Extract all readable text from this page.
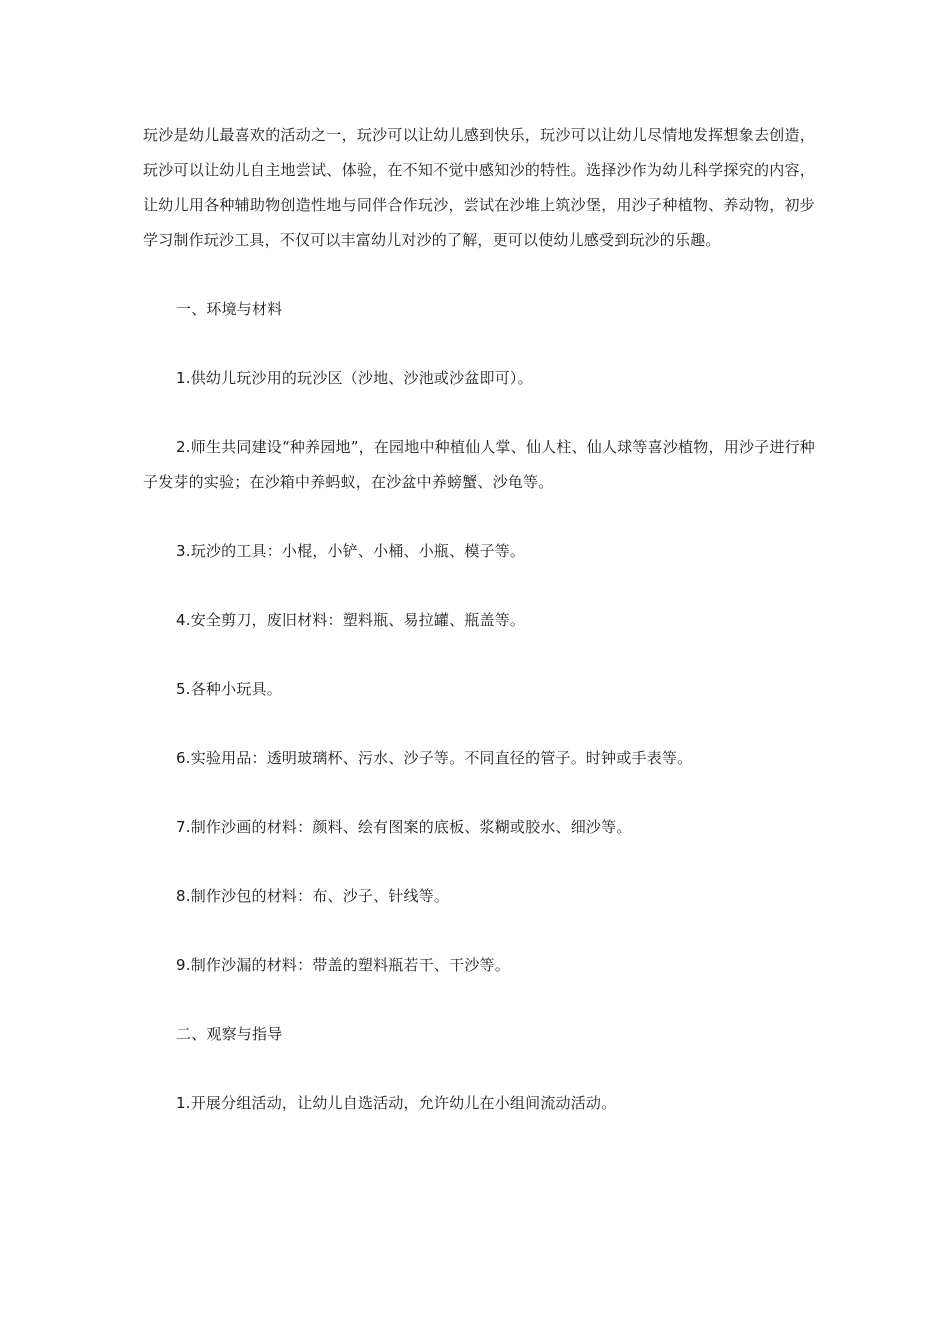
玩沙是幼儿最喜欢的活动之一，玩沙可以让幼儿感到快乐，玩沙可以让幼儿尽情地发挥想象去创造，玩沙可以让幼儿自主地尝试、体验，在不知不觉中感知沙的特性。选择沙作为幼儿科学探究的内容，让幼儿用各种辅助物创造性地与同伴合作玩沙，尝试在沙堆上筑沙堡，用沙子种植物、养动物，初步学习制作玩沙工具，不仅可以丰富幼儿对沙的了解，更可以使幼儿感受到玩沙的乐趣。

一、环境与材料

1.供幼儿玩沙用的玩沙区（沙地、沙池或沙盆即可）。

2.师生共同建设“种养园地”，在园地中种植仙人掌、仙人柱、仙人球等喜沙植物，用沙子进行种子发芽的实验；在沙箱中养蚂蚁，在沙盆中养螃蟹、沙龟等。

3.玩沙的工具：小棍，小铲、小桶、小瓶、模子等。

4.安全剪刀，废旧材料：塑料瓶、易拉罐、瓶盖等。

5.各种小玩具。

6.实验用品：透明玻璃杯、污水、沙子等。不同直径的管子。时钟或手表等。

7.制作沙画的材料：颜料、绘有图案的底板、浆糊或胶水、细沙等。

8.制作沙包的材料：布、沙子、针线等。

9.制作沙漏的材料：带盖的塑料瓶若干、干沙等。

二、观察与指导

1.开展分组活动，让幼儿自选活动，允许幼儿在小组间流动活动。
